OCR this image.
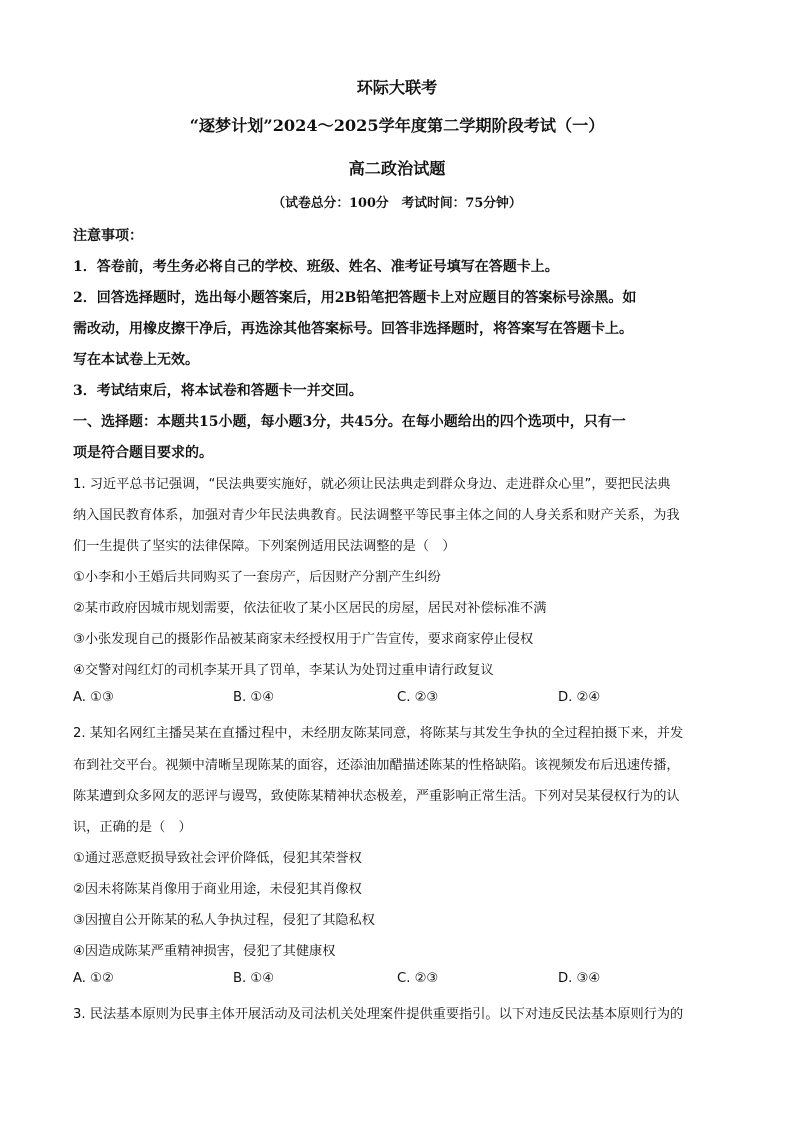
环际大联考
“逐梦计划”2024～2025学年度第二学期阶段考试（一）
高二政治试题
（试卷总分：100分　考试时间：75分钟）
注意事项：
1．答卷前，考生务必将自己的学校、班级、姓名、准考证号填写在答题卡上。
2．回答选择题时，选出每小题答案后，用2B铅笔把答题卡上对应题目的答案标号涂黑。如
需改动，用橡皮擦干净后，再选涂其他答案标号。回答非选择题时，将答案写在答题卡上。
写在本试卷上无效。
3．考试结束后，将本试卷和答题卡一并交回。
一、选择题：本题共15小题，每小题3分，共45分。在每小题给出的四个选项中，只有一
项是符合题目要求的。
1. 习近平总书记强调，“民法典要实施好，就必须让民法典走到群众身边、走进群众心里”，要把民法典
纳入国民教育体系，加强对青少年民法典教育。民法调整平等民事主体之间的人身关系和财产关系，为我
们一生提供了坚实的法律保障。下列案例适用民法调整的是（　）
①小李和小王婚后共同购买了一套房产，后因财产分割产生纠纷
②某市政府因城市规划需要，依法征收了某小区居民的房屋，居民对补偿标准不满
③小张发现自己的摄影作品被某商家未经授权用于广告宣传，要求商家停止侵权
④交警对闯红灯的司机李某开具了罚单，李某认为处罚过重申请行政复议
A. ①③	B. ①④	C. ②③	D. ②④
2. 某知名网红主播吴某在直播过程中，未经朋友陈某同意，将陈某与其发生争执的全过程拍摄下来，并发
布到社交平台。视频中清晰呈现陈某的面容，还添油加醋描述陈某的性格缺陷。该视频发布后迅速传播，
陈某遭到众多网友的恶评与谩骂，致使陈某精神状态极差，严重影响正常生活。下列对吴某侵权行为的认
识，正确的是（　）
①通过恶意贬损导致社会评价降低，侵犯其荣誉权
②因未将陈某肖像用于商业用途，未侵犯其肖像权
③因擅自公开陈某的私人争执过程，侵犯了其隐私权
④因造成陈某严重精神损害，侵犯了其健康权
A. ①②	B. ①④	C. ②③	D. ③④
3. 民法基本原则为民事主体开展活动及司法机关处理案件提供重要指引。以下对违反民法基本原则行为的
